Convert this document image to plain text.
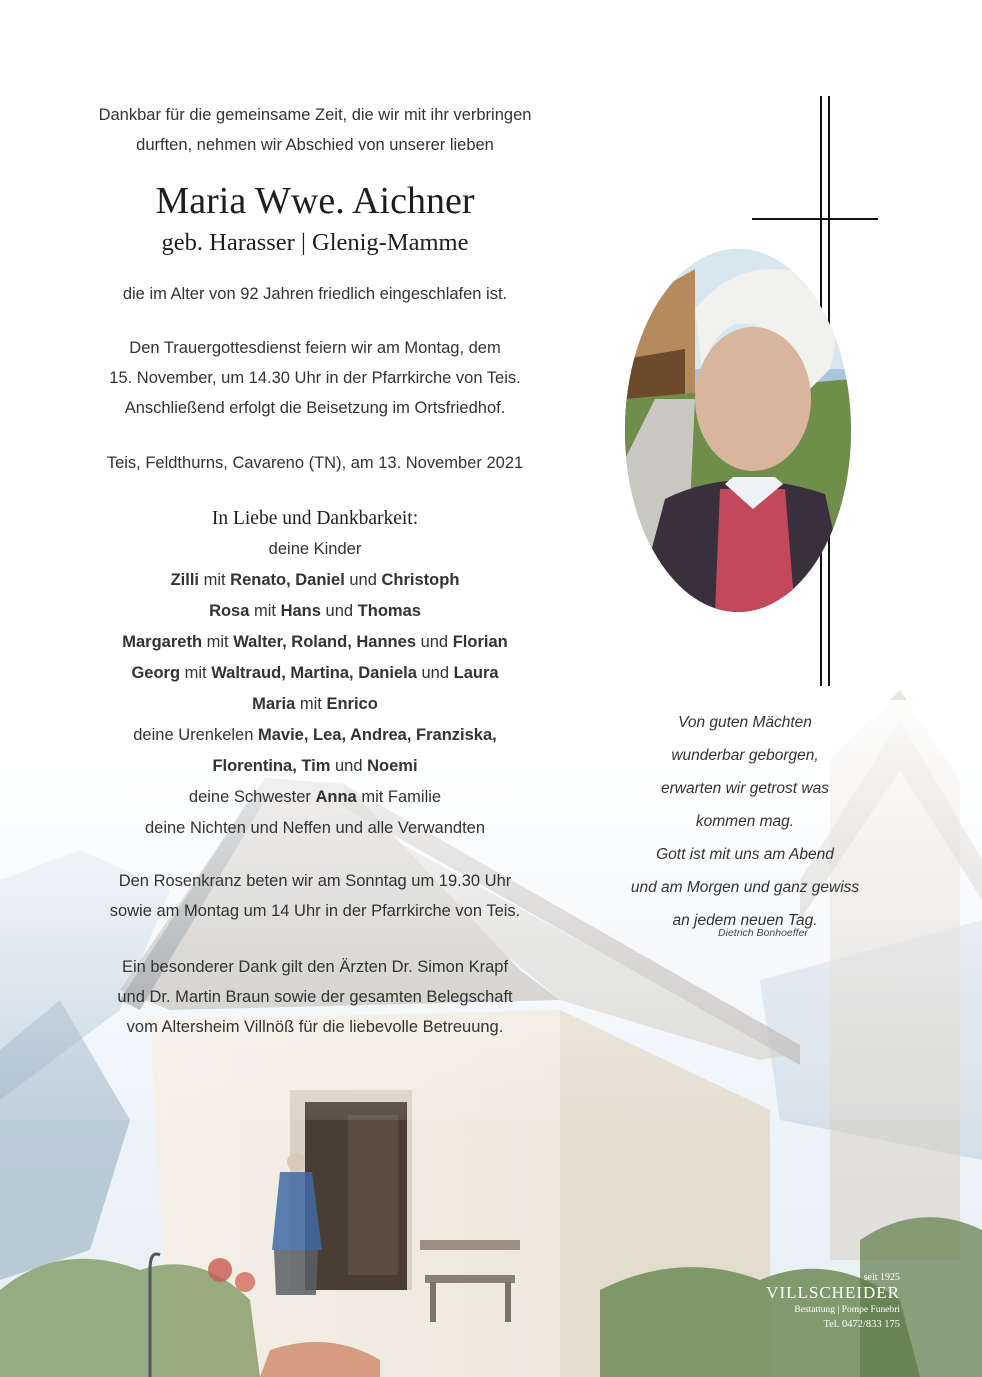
Dankbar für die gemeinsame Zeit, die wir mit ihr verbringen
durften, nehmen wir Abschied von unserer lieben
Maria Wwe. Aichner
geb. Harasser | Glenig-Mamme
die im Alter von 92 Jahren friedlich eingeschlafen ist.
Den Trauergottesdienst feiern wir am Montag, dem
15. November, um 14.30 Uhr in der Pfarrkirche von Teis.
Anschließend erfolgt die Beisetzung im Ortsfriedhof.
Teis, Feldthurns, Cavareno (TN), am 13. November 2021
In Liebe und Dankbarkeit:
deine Kinder
Zilli mit Renato, Daniel und Christoph
Rosa mit Hans und Thomas
Margareth mit Walter, Roland, Hannes und Florian
Georg mit Waltraud, Martina, Daniela und Laura
Maria mit Enrico
deine Urenkelen Mavie, Lea, Andrea, Franziska,
Florentina, Tim und Noemi
deine Schwester Anna mit Familie
deine Nichten und Neffen und alle Verwandten
Den Rosenkranz beten wir am Sonntag um 19.30 Uhr
sowie am Montag um 14 Uhr in der Pfarrkirche von Teis.
Ein besonderer Dank gilt den Ärzten Dr. Simon Krapf
und Dr. Martin Braun sowie der gesamten Belegschaft
vom Altersheim Villnöß für die liebevolle Betreuung.
Von guten Mächten
wunderbar geborgen,
erwarten wir getrost was
kommen mag.
Gott ist mit uns am Abend
und am Morgen und ganz gewiss
an jedem neuen Tag.
Dietrich Bonhoeffer
seit 1925
VILLSCHEIDER
Bestattung | Pompe Funebri
Tel. 0472/833 175
